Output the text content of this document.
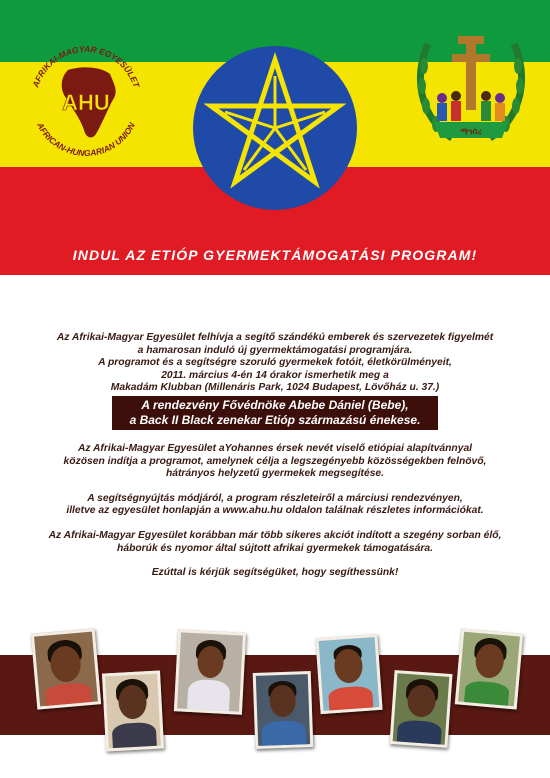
AFRIKAI-MAGYAR EGYESÜLET
AFRICAN-HUNGARIAN UNION
AHU
ማኅበረ
INDUL AZ ETIÓP GYERMEKTÁMOGATÁSI PROGRAM!

Az Afrikai-Magyar Egyesület felhívja a segítő szándékú emberek és szervezetek figyelmét

a hamarosan induló új gyermektámogatási programjára.

A programot és a segítségre szoruló gyermekek fotóit, életkörülményeit,

2011. március 4-én 14 órakor ismerhetik meg a

Makadám Klubban (Millenáris Park, 1024 Budapest, Lövőház u. 37.)

A rendezvény Fővédnöke Abebe Dániel (Bebe),
a Back II Black zenekar Etióp származású énekese.

Az Afrikai-Magyar Egyesület aYohannes érsek nevét viselő etiópiai alapítvánnyal

közösen indítja a programot, amelynek célja a legszegényebb közösségekben felnövő,

hátrányos helyzetű gyermekek megsegítése.

A segítségnyújtás módjáról, a program részleteiről a márciusi rendezvényen,

illetve az egyesület honlapján a www.ahu.hu oldalon találnak részletes információkat.

Az Afrikai-Magyar Egyesület korábban már több sikeres akciót indított a szegény sorban élő,

háborúk és nyomor által sújtott afrikai gyermekek támogatására.

Ezúttal is kérjük segítségüket, hogy segíthessünk!
